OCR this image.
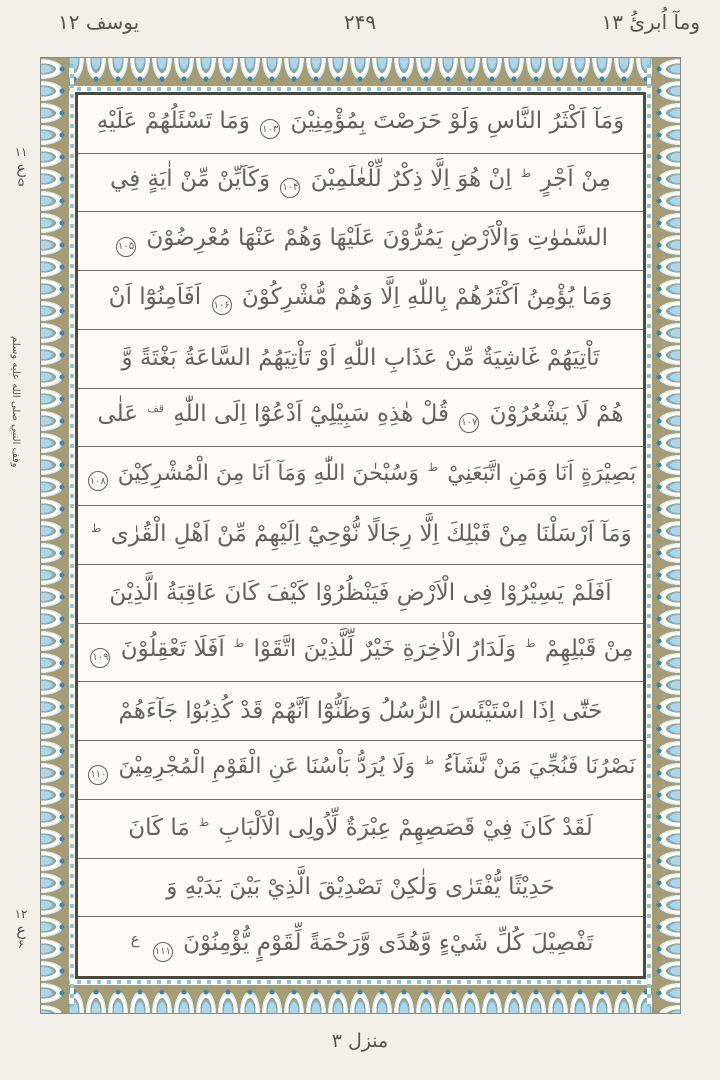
ومآ اُبرئُ ۱۳
۲۴۹
يوسف ۱۲
۱۱
ع
۵
وقف النبي صلى الله عليه وسلم
۱۲
ع
۶
وَمَآ اَكْثَرُ النَّاسِ وَلَوْ حَرَصْتَ بِمُؤْمِنِيْنَ ۱۰۳ وَمَا تَسْئَلُهُمْ عَلَيْهِ
مِنْ اَجْرٍ $^ط$ اِنْ هُوَ اِلَّا ذِكْرٌ لِّلْعٰلَمِيْنَ ۱۰۴ وَكَاَيِّنْ مِّنْ اٰيَةٍ فِي
السَّمٰوٰتِ وَالْاَرْضِ يَمُرُّوْنَ عَلَيْهَا وَهُمْ عَنْهَا مُعْرِضُوْنَ ۱۰۵
وَمَا يُؤْمِنُ اَكْثَرُهُمْ بِاللّٰهِ اِلَّا وَهُمْ مُّشْرِكُوْنَ ۱۰۶ اَفَاَمِنُوْٓا اَنْ
تَاْتِيَهُمْ غَاشِيَةٌ مِّنْ عَذَابِ اللّٰهِ اَوْ تَاْتِيَهُمُ السَّاعَةُ بَغْتَةً وَّ
هُمْ لَا يَشْعُرُوْنَ ۱۰۷ قُلْ هٰذِهِ سَبِيْلِيْٓ اَدْعُوْٓا اِلَى اللّٰهِ $^{قف}$ عَلٰى
بَصِيْرَةٍ اَنَا وَمَنِ اتَّبَعَنِيْ $^ط$ وَسُبْحٰنَ اللّٰهِ وَمَآ اَنَا مِنَ الْمُشْرِكِيْنَ ۱۰۸
وَمَآ اَرْسَلْنَا مِنْ قَبْلِكَ اِلَّا رِجَالًا نُّوْحِيْٓ اِلَيْهِمْ مِّنْ اَهْلِ الْقُرٰى $^ط$
اَفَلَمْ يَسِيْرُوْا فِى الْاَرْضِ فَيَنْظُرُوْا كَيْفَ كَانَ عَاقِبَةُ الَّذِيْنَ
مِنْ قَبْلِهِمْ $^ط$ وَلَدَارُ الْاٰخِرَةِ خَيْرٌ لِّلَّذِيْنَ اتَّقَوْا $^ط$ اَفَلَا تَعْقِلُوْنَ ۱۰۹
حَتّٰٓى اِذَا اسْتَيْئَسَ الرُّسُلُ وَظَنُّوْٓا اَنَّهُمْ قَدْ كُذِبُوْا جَآءَهُمْ
نَصْرُنَا فَنُجِّيَ مَنْ نَّشَآءُ $^ط$ وَلَا يُرَدُّ بَاْسُنَا عَنِ الْقَوْمِ الْمُجْرِمِيْنَ ۱۱۰
لَقَدْ كَانَ فِيْ قَصَصِهِمْ عِبْرَةٌ لِّاُولِى الْاَلْبَابِ $^ط$ مَا كَانَ
حَدِيْثًا يُّفْتَرٰى وَلٰكِنْ تَصْدِيْقَ الَّذِيْ بَيْنَ يَدَيْهِ وَ
تَفْصِيْلَ كُلِّ شَيْءٍ وَّهُدًى وَّرَحْمَةً لِّقَوْمٍ يُّؤْمِنُوْنَ ۱۱۱ $^ع$
منزل ۳
